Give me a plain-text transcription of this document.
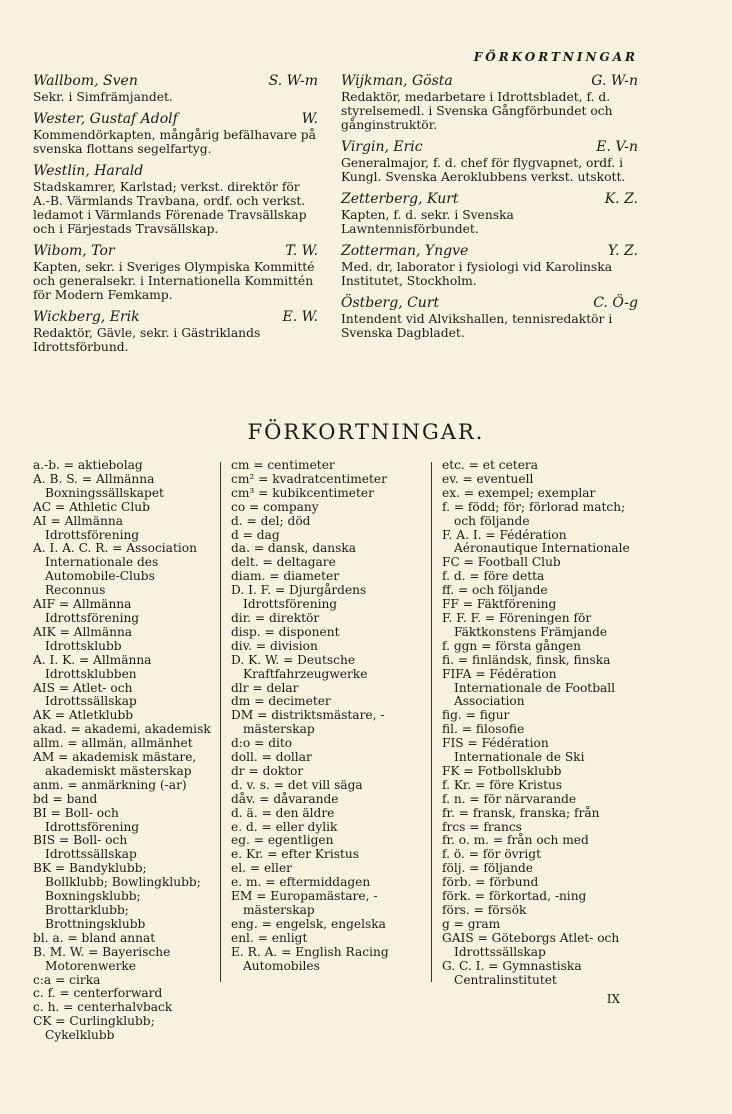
FÖRKORTNINGAR
Wallbom, Sven	S. W-m
Sekr. i Simfrämjandet.
Wester, Gustaf Adolf	W.
Kommendörkapten, mångårig befälhavare på svenska flottans segelfartyg.
Westlin, Harald
Stadskamrer, Karlstad; verkst. direktör för A.-B. Värmlands Travbana, ordf. och verkst. ledamot i Värmlands Förenade Travsällskap och i Färjestads Travsällskap.
Wibom, Tor	T. W.
Kapten, sekr. i Sveriges Olympiska Kommitté och generalsekr. i Internationella Kommittén för Modern Femkamp.
Wickberg, Erik	E. W.
Redaktör, Gävle, sekr. i Gästriklands Idrottsförbund.
Wijkman, Gösta	G. W-n
Redaktör, medarbetare i Idrottsbladet, f. d. styrelsemedl. i Svenska Gångförbundet och gånginstruktör.
Virgin, Eric	E. V-n
Generalmajor, f. d. chef för flygvapnet, ordf. i Kungl. Svenska Aeroklubbens verkst. utskott.
Zetterberg, Kurt	K. Z.
Kapten, f. d. sekr. i Svenska Lawntennisförbundet.
Zotterman, Yngve	Y. Z.
Med. dr, laborator i fysiologi vid Karolinska Institutet, Stockholm.
Östberg, Curt	C. Ö-g
Intendent vid Alvikshallen, tennisredaktör i Svenska Dagbladet.
FÖRKORTNINGAR.
a.-b. = aktiebolag
A. B. S. = Allmänna Boxningssällskapet
AC = Athletic Club
AI = Allmänna Idrottsförening
A. I. A. C. R. = Association Internationale des Automobile-Clubs Reconnus
AIF = Allmänna Idrottsförening
AIK = Allmänna Idrottsklubb
A. I. K. = Allmänna Idrottsklubben
AIS = Atlet- och Idrottssällskap
AK = Atletklubb
akad. = akademi, akademisk
allm. = allmän, allmänhet
AM = akademisk mästare, akademiskt mästerskap
anm. = anmärkning (-ar)
bd = band
BI = Boll- och Idrottsförening
BIS = Boll- och Idrottssällskap
BK = Bandyklubb; Bollklubb; Bowlingklubb; Boxningsklubb; Brottarklubb; Brottningsklubb
bl. a. = bland annat
B. M. W. = Bayerische Motorenwerke
c:a = cirka
c. f. = centerforward
c. h. = centerhalvback
CK = Curlingklubb; Cykelklubb
cm = centimeter
cm² = kvadratcentimeter
cm³ = kubikcentimeter
co = company
d. = del; död
d = dag
da. = dansk, danska
delt. = deltagare
diam. = diameter
D. I. F. = Djurgårdens Idrottsförening
dir. = direktör
disp. = disponent
div. = division
D. K. W. = Deutsche Kraftfahrzeugwerke
dlr = delar
dm = decimeter
DM = distriktsmästare, -mästerskap
d:o = dito
doll. = dollar
dr = doktor
d. v. s. = det vill säga
dåv. = dåvarande
d. ä. = den äldre
e. d. = eller dylik
eg. = egentligen
e. Kr. = efter Kristus
el. = eller
e. m. = eftermiddagen
EM = Europamästare, -mästerskap
eng. = engelsk, engelska
enl. = enligt
E. R. A. = English Racing Automobiles
etc. = et cetera
ev. = eventuell
ex. = exempel; exemplar
f. = född; för; förlorad match; och följande
F. A. I. = Fédération Aéronautique Internationale
FC = Football Club
f. d. = före detta
ff. = och följande
FF = Fäktförening
F. F. F. = Föreningen för Fäktkonstens Främjande
f. ggn = första gången
fi. = finländsk, finsk, finska
FIFA = Fédération Internationale de Football Association
fig. = figur
fil. = filosofie
FIS = Fédération Internationale de Ski
FK = Fotbollsklubb
f. Kr. = före Kristus
f. n. = för närvarande
fr. = fransk, franska; från
frcs = francs
fr. o. m. = från och med
f. ö. = för övrigt
följ. = följande
förb. = förbund
förk. = förkortad, -ning
förs. = försök
g = gram
GAIS = Göteborgs Atlet- och Idrottssällskap
G. C. I. = Gymnastiska Centralinstitutet
IX
